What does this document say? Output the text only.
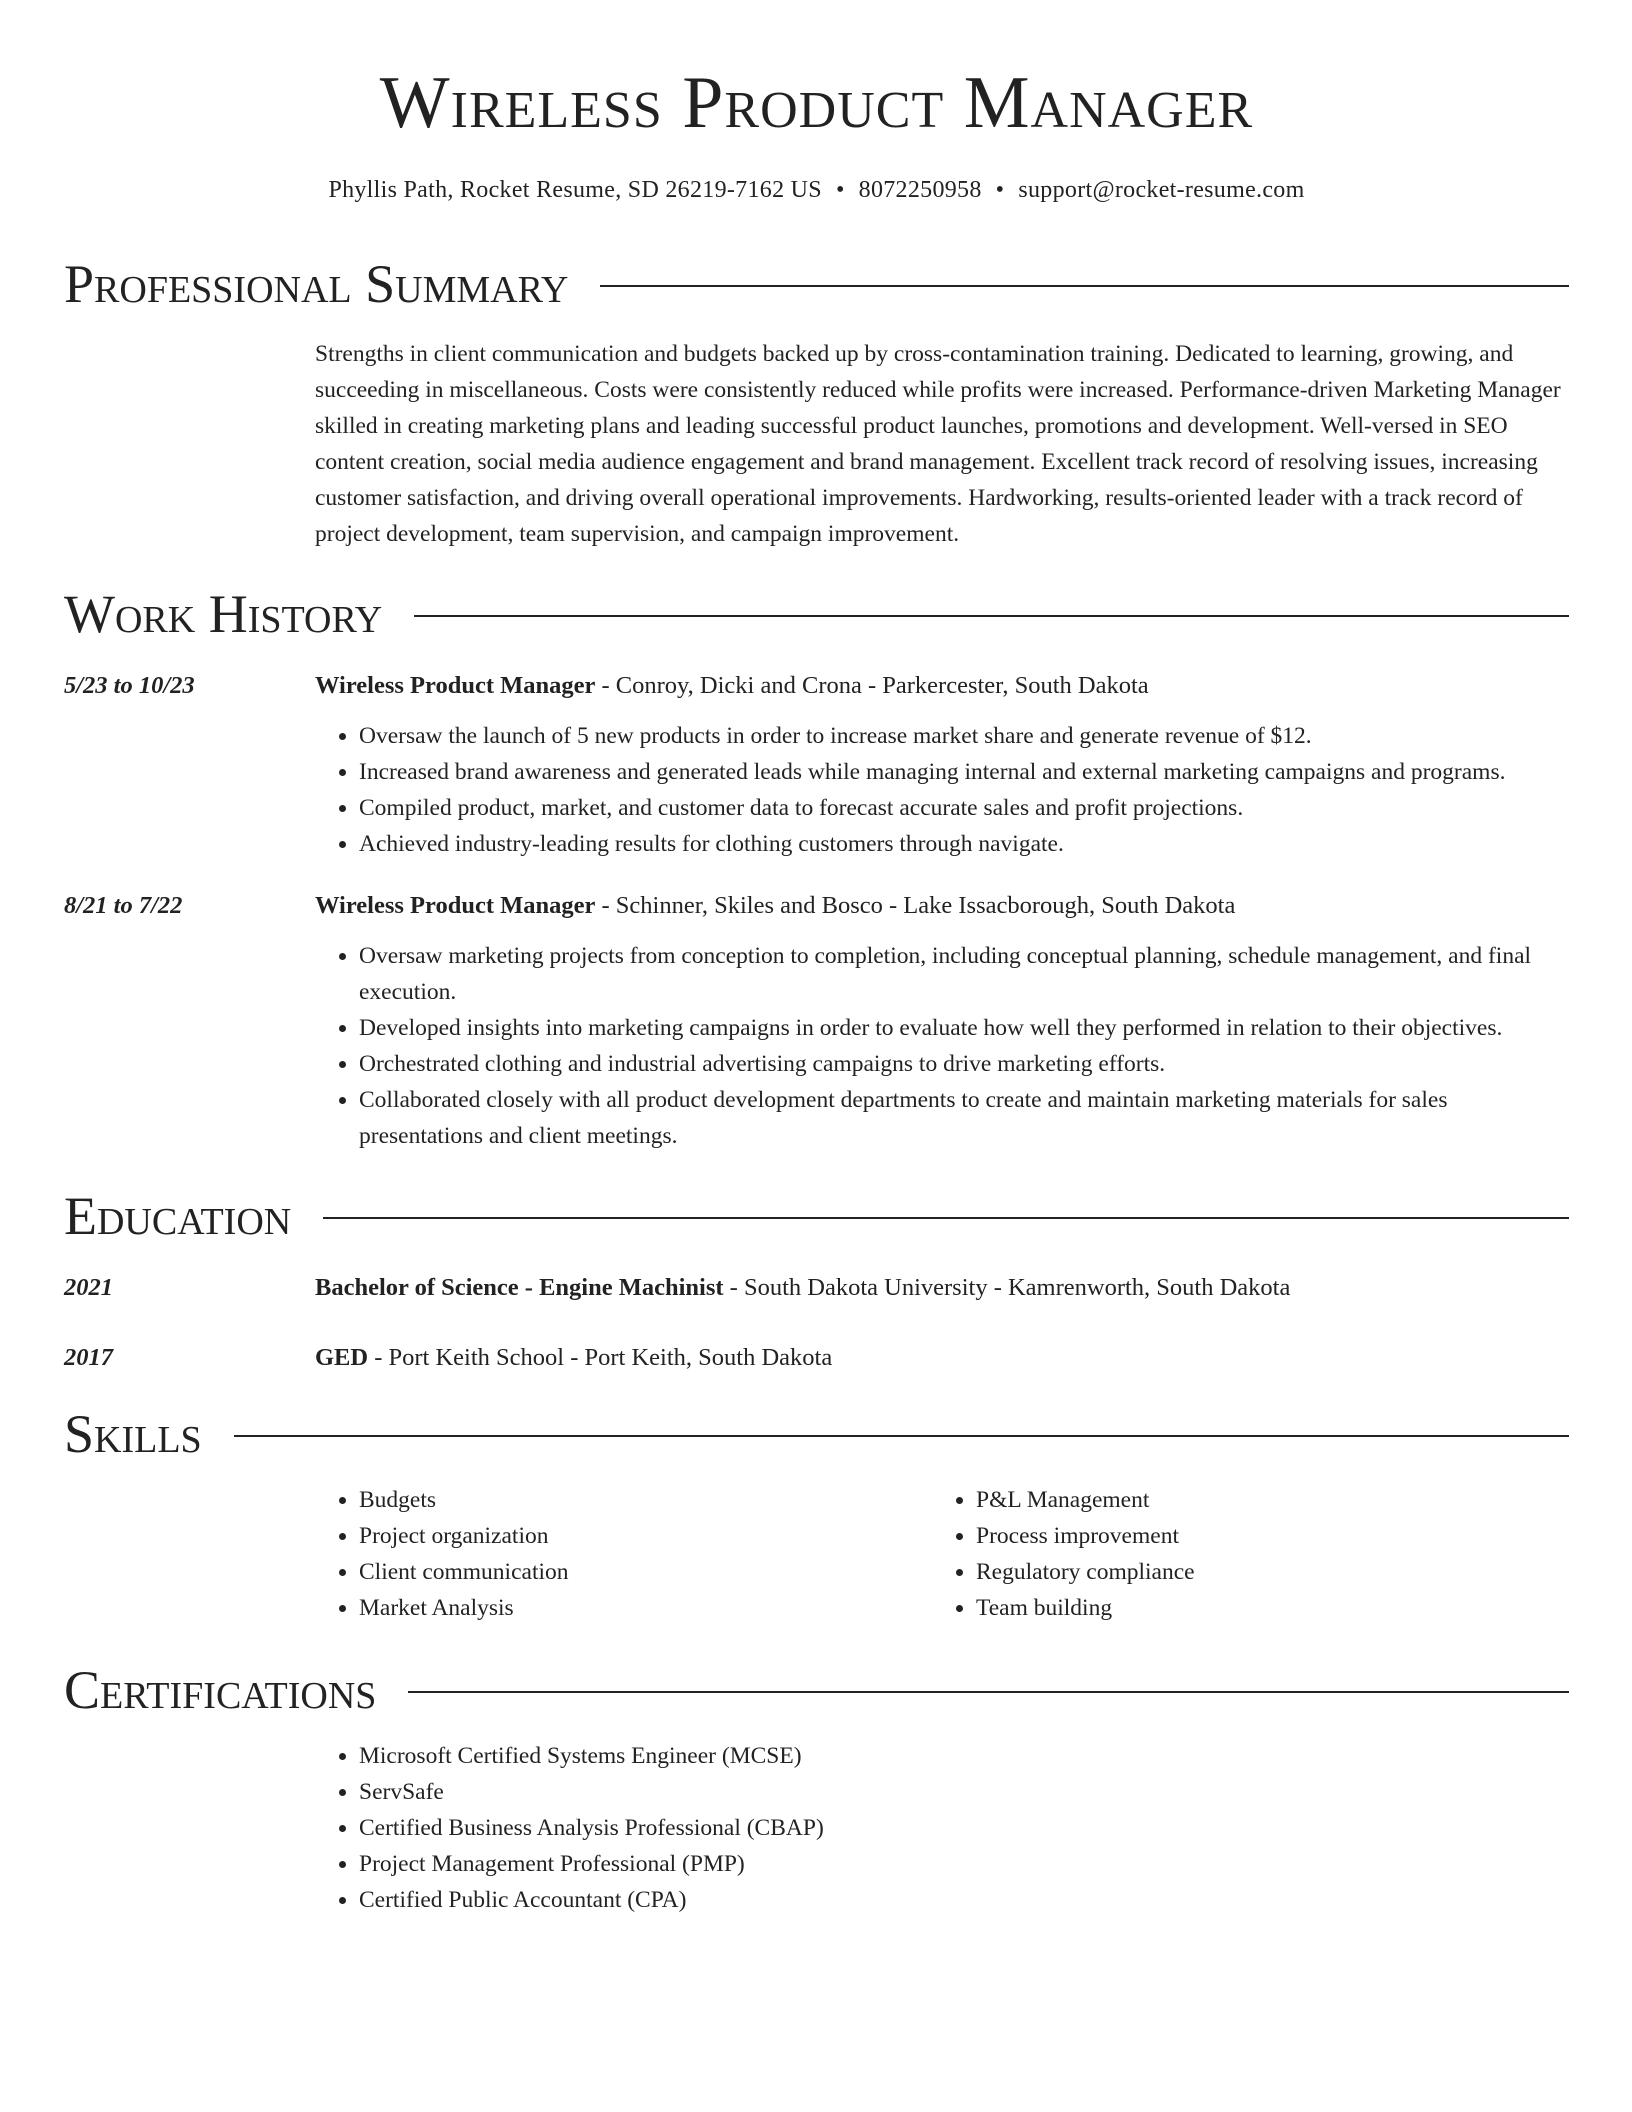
Wireless Product Manager
Phyllis Path, Rocket Resume, SD 26219-7162 US • 8072250958 • support@rocket-resume.com
Professional Summary
Strengths in client communication and budgets backed up by cross-contamination training. Dedicated to learning, growing, and succeeding in miscellaneous. Costs were consistently reduced while profits were increased. Performance-driven Marketing Manager skilled in creating marketing plans and leading successful product launches, promotions and development. Well-versed in SEO content creation, social media audience engagement and brand management. Excellent track record of resolving issues, increasing customer satisfaction, and driving overall operational improvements. Hardworking, results-oriented leader with a track record of project development, team supervision, and campaign improvement.
Work History
5/23 to 10/23	Wireless Product Manager - Conroy, Dicki and Crona - Parkercester, South Dakota
• Oversaw the launch of 5 new products in order to increase market share and generate revenue of $12.
• Increased brand awareness and generated leads while managing internal and external marketing campaigns and programs.
• Compiled product, market, and customer data to forecast accurate sales and profit projections.
• Achieved industry-leading results for clothing customers through navigate.
8/21 to 7/22	Wireless Product Manager - Schinner, Skiles and Bosco - Lake Issacborough, South Dakota
• Oversaw marketing projects from conception to completion, including conceptual planning, schedule management, and final execution.
• Developed insights into marketing campaigns in order to evaluate how well they performed in relation to their objectives.
• Orchestrated clothing and industrial advertising campaigns to drive marketing efforts.
• Collaborated closely with all product development departments to create and maintain marketing materials for sales presentations and client meetings.
Education
2021	Bachelor of Science - Engine Machinist - South Dakota University - Kamrenworth, South Dakota
2017	GED - Port Keith School - Port Keith, South Dakota
Skills
• Budgets
• Project organization
• Client communication
• Market Analysis
• P&L Management
• Process improvement
• Regulatory compliance
• Team building
Certifications
• Microsoft Certified Systems Engineer (MCSE)
• ServSafe
• Certified Business Analysis Professional (CBAP)
• Project Management Professional (PMP)
• Certified Public Accountant (CPA)
